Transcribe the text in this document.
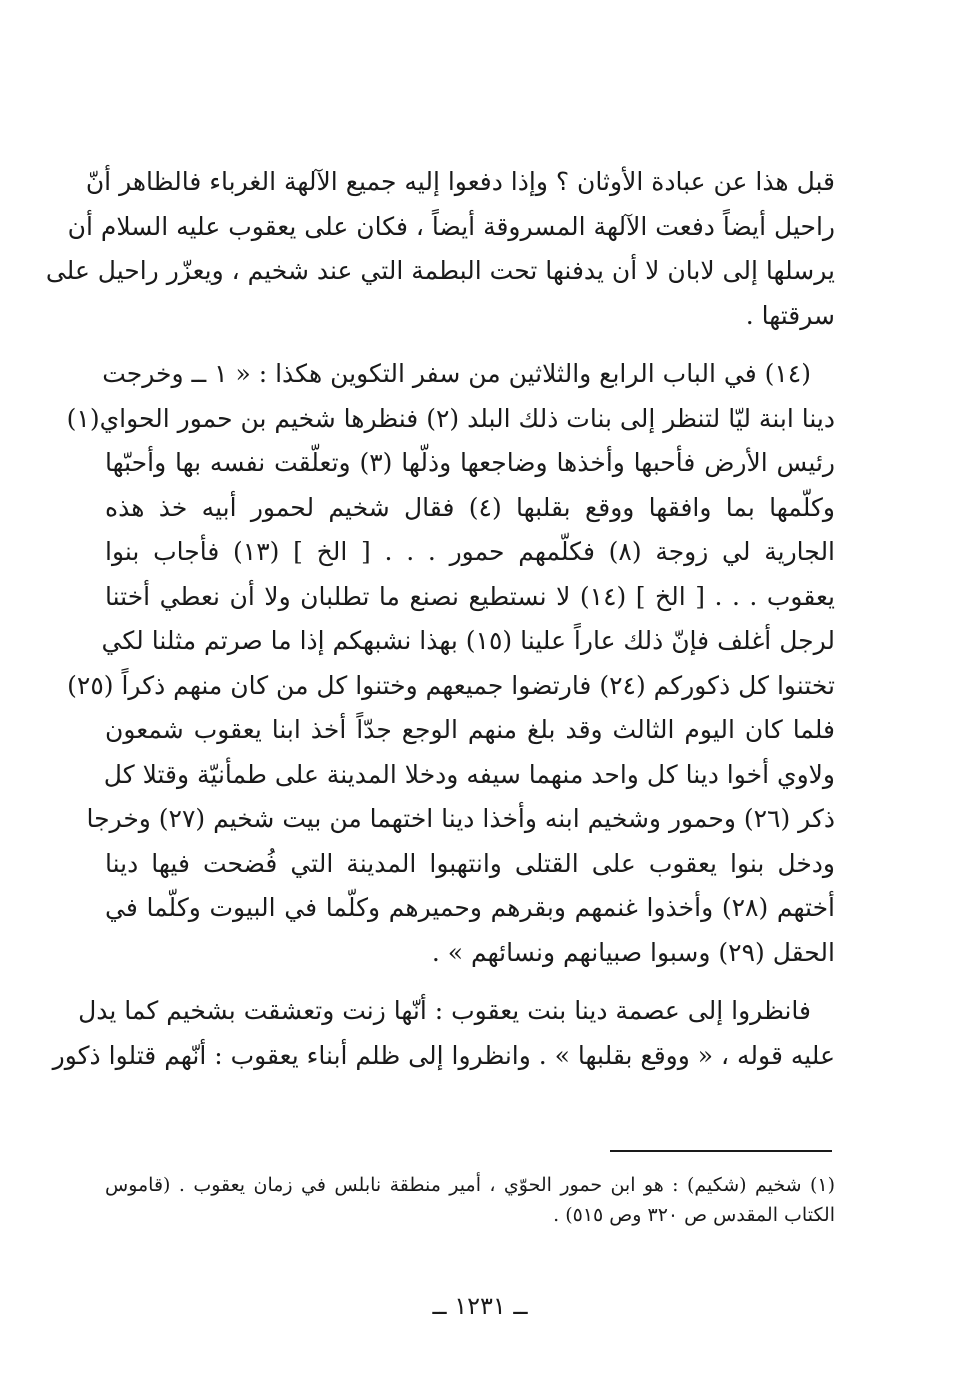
قبل هذا عن عبادة الأوثان ؟ وإذا دفعوا إليه جميع الآلهة الغرباء فالظاهر أنّ
راحيل أيضاً دفعت الآلهة المسروقة أيضاً ، فكان على يعقوب عليه السلام أن
يرسلها إلى لابان لا أن يدفنها تحت البطمة التي عند شخيم ، ويعزّر راحيل على
سرقتها .

(١٤) في الباب الرابع والثلاثين من سفر التكوين هكذا : « ١ ــ وخرجت
دينا ابنة ليّا لتنظر إلى بنات ذلك البلد (٢) فنظرها شخيم بن حمور الحواي(١)
رئيس الأرض فأحبها وأخذها وضاجعها وذلّها (٣) وتعلّقت نفسه بها وأحبّها
وكلّمها بما وافقها ووقع بقلبها (٤) فقال شخيم لحمور أبيه خذ هذه
الجارية لي زوجة (٨) فكلّمهم حمور . . . [ الخ ] (١٣) فأجاب بنوا
يعقوب . . . [ الخ ] (١٤) لا نستطيع نصنع ما تطلبان ولا أن نعطي أختنا
لرجل أغلف فإنّ ذلك عاراً علينا (١٥) بهذا نشبهكم إذا ما صرتم مثلنا لكي
تختنوا كل ذكوركم (٢٤) فارتضوا جميعهم وختنوا كل من كان منهم ذكراً (٢٥)
فلما كان اليوم الثالث وقد بلغ منهم الوجع جدّاً أخذ ابنا يعقوب شمعون
ولاوي أخوا دينا كل واحد منهما سيفه ودخلا المدينة على طمأنيّة وقتلا كل
ذكر (٢٦) وحمور وشخيم ابنه وأخذا دينا اختهما من بيت شخيم (٢٧) وخرجا
ودخل بنوا يعقوب على القتلى وانتهبوا المدينة التي فُضحت فيها دينا
أختهم (٢٨) وأخذوا غنمهم وبقرهم وحميرهم وكلّما في البيوت وكلّما في
الحقل (٢٩) وسبوا صبيانهم ونسائهم » .

فانظروا إلى عصمة دينا بنت يعقوب : أنّها زنت وتعشقت بشخيم كما يدل
عليه قوله ، « ووقع بقلبها » . وانظروا إلى ظلم أبناء يعقوب : أنّهم قتلوا ذكور

(١) شخيم (شكيم) : هو ابن حمور الحوّي ، أمير منطقة نابلس في زمان يعقوب . (قاموس
الكتاب المقدس ص ٣٢٠ وص ٥١٥) .
ــ ١٢٣١ ــ
